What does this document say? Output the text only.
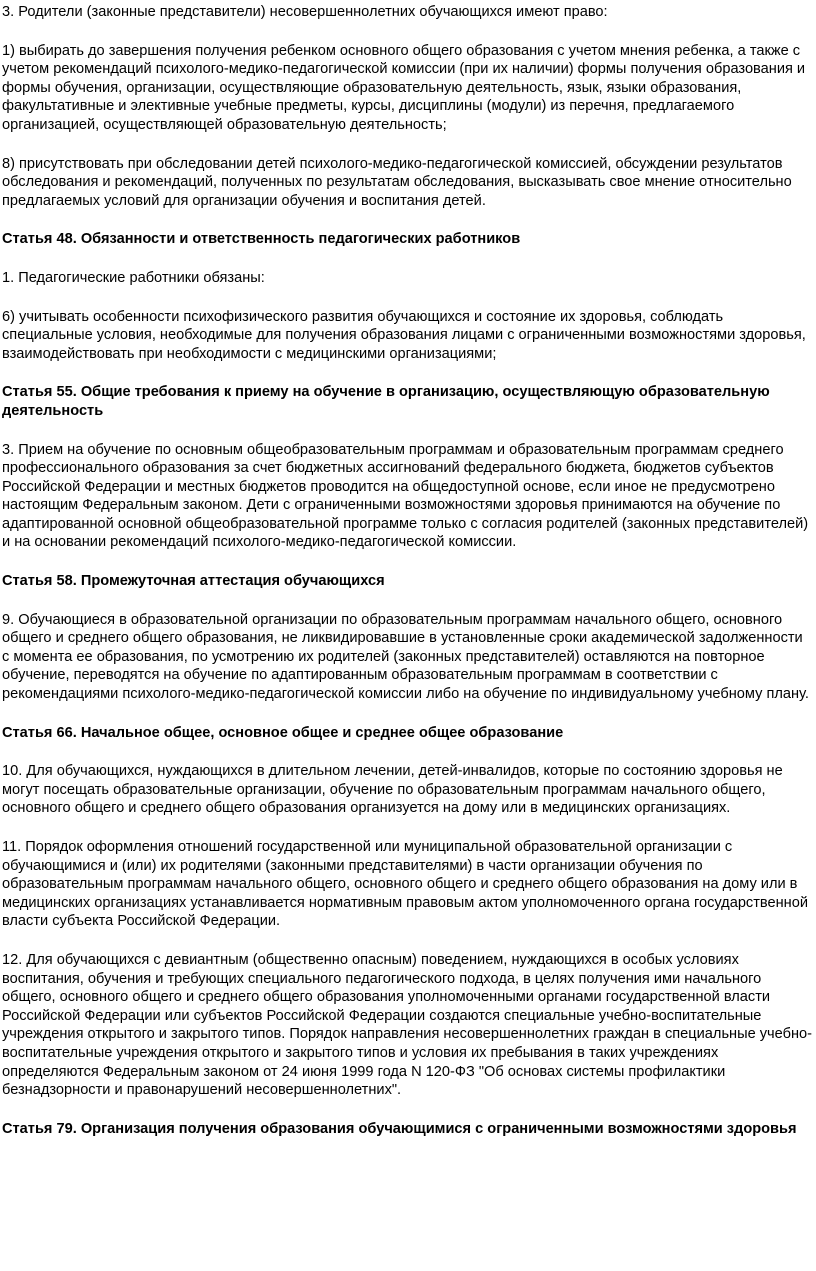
3. Родители (законные представители) несовершеннолетних обучающихся имеют право:
1) выбирать до завершения получения ребенком основного общего образования с учетом мнения ребенка, а также с учетом рекомендаций психолого-медико-педагогической комиссии (при их наличии) формы получения образования и формы обучения, организации, осуществляющие образовательную деятельность, язык, языки образования, факультативные и элективные учебные предметы, курсы, дисциплины (модули) из перечня, предлагаемого организацией, осуществляющей образовательную деятельность;
8) присутствовать при обследовании детей психолого-медико-педагогической комиссией, обсуждении результатов обследования и рекомендаций, полученных по результатам обследования, высказывать свое мнение относительно предлагаемых условий для организации обучения и воспитания детей.
Статья 48. Обязанности и ответственность педагогических работников
1. Педагогические работники обязаны:
6) учитывать особенности психофизического развития обучающихся и состояние их здоровья, соблюдать специальные условия, необходимые для получения образования лицами с ограниченными возможностями здоровья, взаимодействовать при необходимости с медицинскими организациями;
Статья 55. Общие требования к приему на обучение в организацию, осуществляющую образовательную деятельность
3. Прием на обучение по основным общеобразовательным программам и образовательным программам среднего профессионального образования за счет бюджетных ассигнований федерального бюджета, бюджетов субъектов Российской Федерации и местных бюджетов проводится на общедоступной основе, если иное не предусмотрено настоящим Федеральным законом. Дети с ограниченными возможностями здоровья принимаются на обучение по адаптированной основной общеобразовательной программе только с согласия родителей (законных представителей) и на основании рекомендаций психолого-медико-педагогической комиссии.
Статья 58. Промежуточная аттестация обучающихся
9. Обучающиеся в образовательной организации по образовательным программам начального общего, основного общего и среднего общего образования, не ликвидировавшие в установленные сроки академической задолженности с момента ее образования, по усмотрению их родителей (законных представителей) оставляются на повторное обучение, переводятся на обучение по адаптированным образовательным программам в соответствии с рекомендациями психолого-медико-педагогической комиссии либо на обучение по индивидуальному учебному плану.
Статья 66. Начальное общее, основное общее и среднее общее образование
10. Для обучающихся, нуждающихся в длительном лечении, детей-инвалидов, которые по состоянию здоровья не могут посещать образовательные организации, обучение по образовательным программам начального общего, основного общего и среднего общего образования организуется на дому или в медицинских организациях.
11. Порядок оформления отношений государственной или муниципальной образовательной организации с обучающимися и (или) их родителями (законными представителями) в части организации обучения по образовательным программам начального общего, основного общего и среднего общего образования на дому или в медицинских организациях устанавливается нормативным правовым актом уполномоченного органа государственной власти субъекта Российской Федерации.
12. Для обучающихся с девиантным (общественно опасным) поведением, нуждающихся в особых условиях воспитания, обучения и требующих специального педагогического подхода, в целях получения ими начального общего, основного общего и среднего общего образования уполномоченными органами государственной власти Российской Федерации или субъектов Российской Федерации создаются специальные учебно-воспитательные учреждения открытого и закрытого типов. Порядок направления несовершеннолетних граждан в специальные учебно-воспитательные учреждения открытого и закрытого типов и условия их пребывания в таких учреждениях определяются Федеральным законом от 24 июня 1999 года N 120-ФЗ "Об основах системы профилактики безнадзорности и правонарушений несовершеннолетних".
Статья 79. Организация получения образования обучающимися с ограниченными возможностями здоровья
